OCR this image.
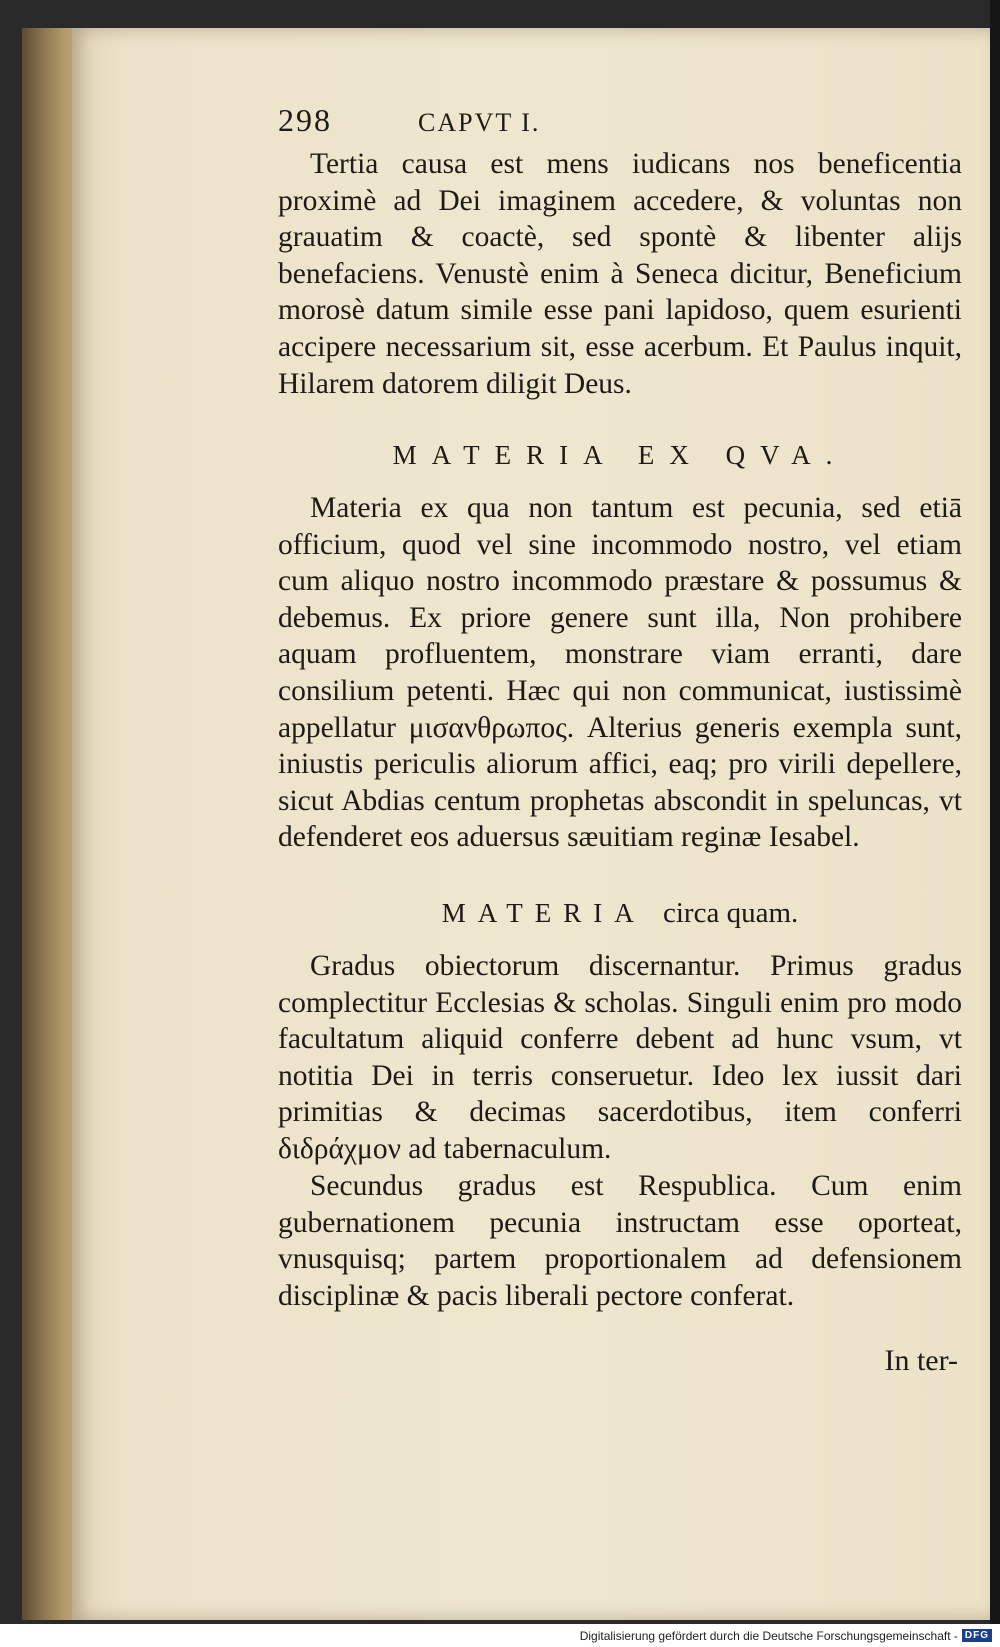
298	CAPVT I.

Tertia causa est mens iudicans nos beneficentia proximè ad Dei imaginem accedere, & voluntas non grauatim & coactè, sed spontè & libenter alijs benefaciens. Venustè enim à Seneca dicitur, Beneficium morosè datum simile esse pani lapidoso, quem esurienti accipere necessarium sit, esse acerbum. Et Paulus inquit, Hilarem datorem diligit Deus.

MATERIA EX QVA.

Materia ex qua non tantum est pecunia, sed etiā officium, quod vel sine incommodo nostro, vel etiam cum aliquo nostro incommodo præstare & possumus & debemus. Ex priore genere sunt illa, Non prohibere aquam profluentem, monstrare viam erranti, dare consilium petenti. Hæc qui non communicat, iustissimè appellatur μισανθρωπος. Alterius generis exempla sunt, iniustis periculis aliorum affici, eaq; pro virili depellere, sicut Abdias centum prophetas abscondit in speluncas, vt defenderet eos aduersus sæuitiam reginæ Iesabel.

MATERIA circa quam.

Gradus obiectorum discernantur. Primus gradus complectitur Ecclesias & scholas. Singuli enim pro modo facultatum aliquid conferre debent ad hunc vsum, vt notitia Dei in terris conseruetur. Ideo lex iussit dari primitias & decimas sacerdotibus, item conferri διδράχμον ad tabernaculum.

Secundus gradus est Respublica. Cum enim gubernationem pecunia instructam esse oporteat, vnusquisq; partem proportionalem ad defensionem disciplinæ & pacis liberali pectore conferat.

In ter-
Digitalisierung gefördert durch die Deutsche Forschungsgemeinschaft - DFG
